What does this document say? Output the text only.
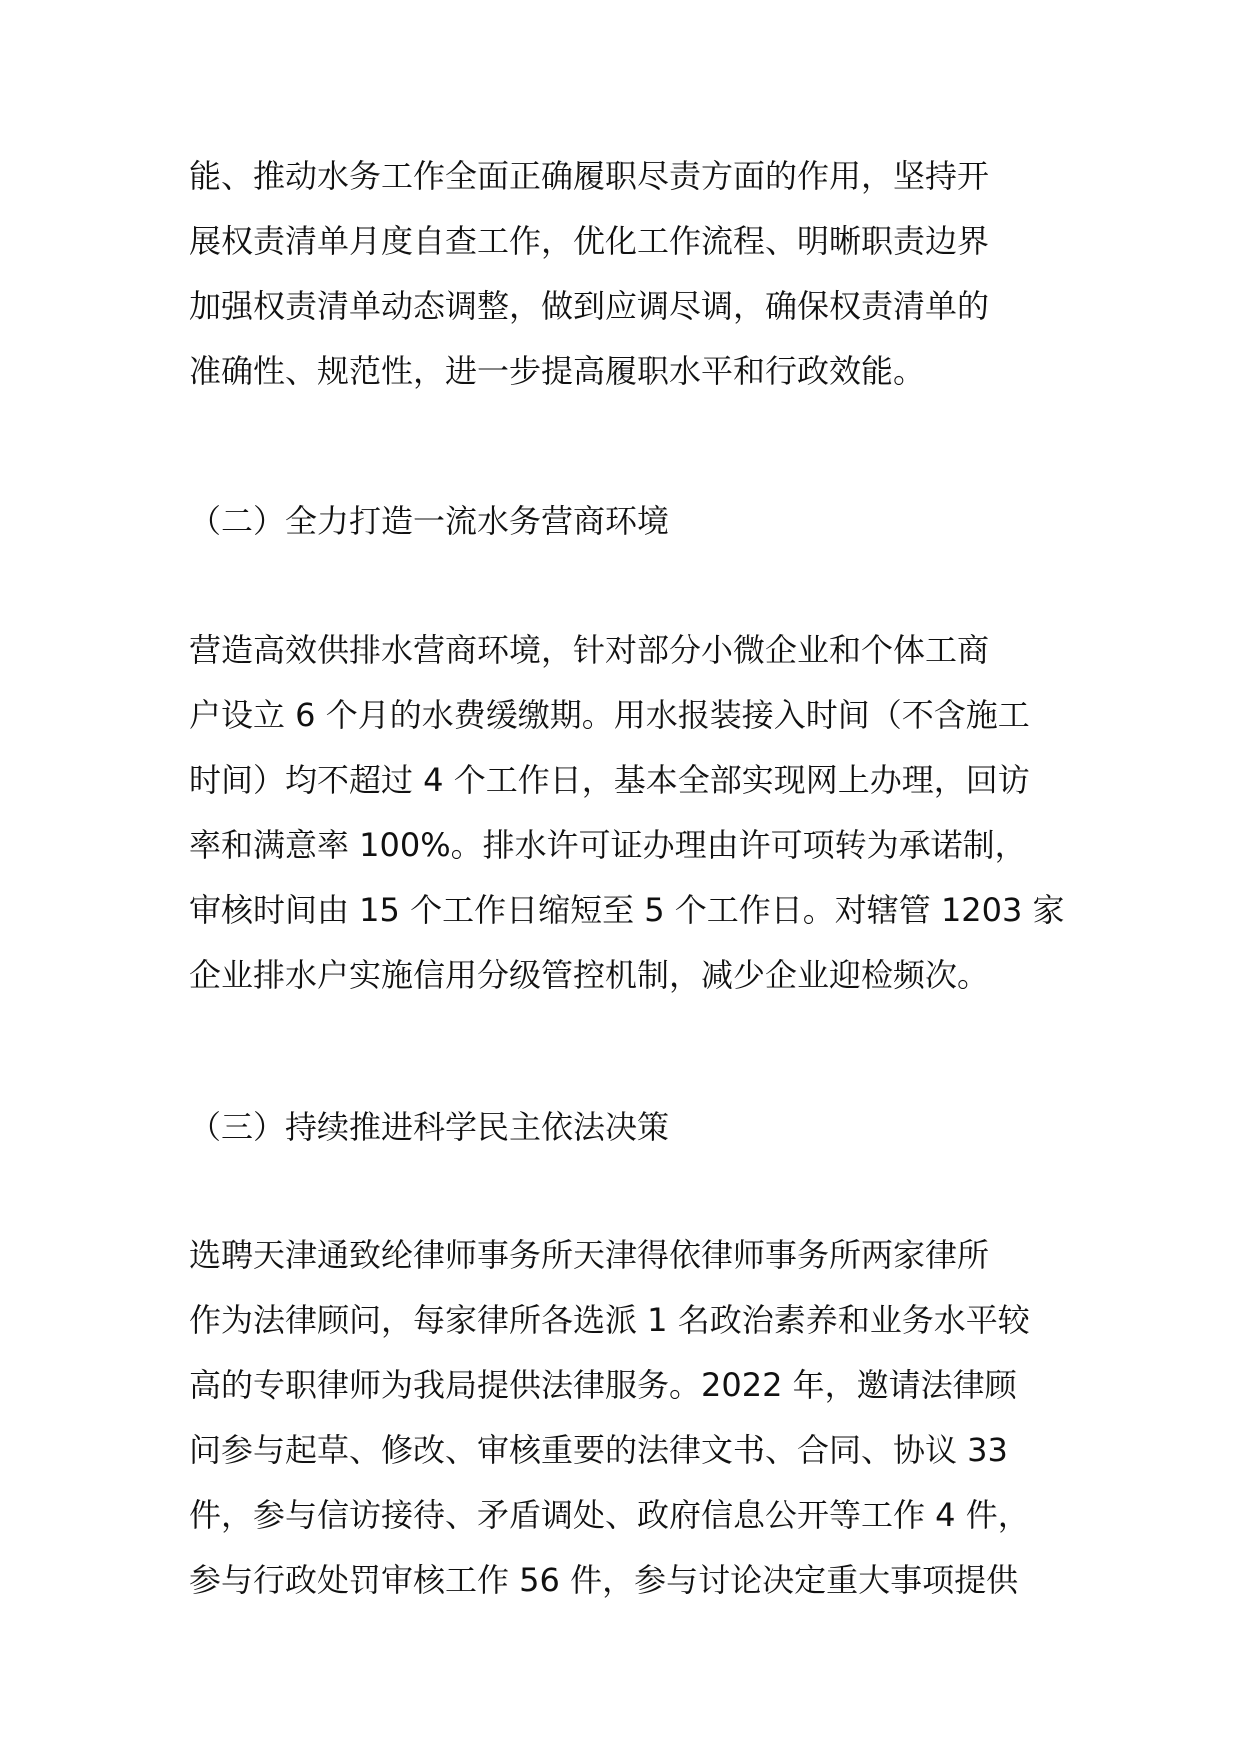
能、推动水务工作全面正确履职尽责方面的作用，坚持开
展权责清单月度自查工作，优化工作流程、明晰职责边界
加强权责清单动态调整，做到应调尽调，确保权责清单的
准确性、规范性，进一步提高履职水平和行政效能。
（二）全力打造一流水务营商环境
营造高效供排水营商环境，针对部分小微企业和个体工商
户设立 6 个月的水费缓缴期。用水报装接入时间（不含施工
时间）均不超过 4 个工作日，基本全部实现网上办理，回访
率和满意率 100%。排水许可证办理由许可项转为承诺制，
审核时间由 15 个工作日缩短至 5 个工作日。对辖管 1203 家
企业排水户实施信用分级管控机制，减少企业迎检频次。
（三）持续推进科学民主依法决策
选聘天津通致纶律师事务所天津得依律师事务所两家律所
作为法律顾问，每家律所各选派 1 名政治素养和业务水平较
高的专职律师为我局提供法律服务。2022 年，邀请法律顾
问参与起草、修改、审核重要的法律文书、合同、协议 33
件，参与信访接待、矛盾调处、政府信息公开等工作 4 件，
参与行政处罚审核工作 56 件，参与讨论决定重大事项提供
